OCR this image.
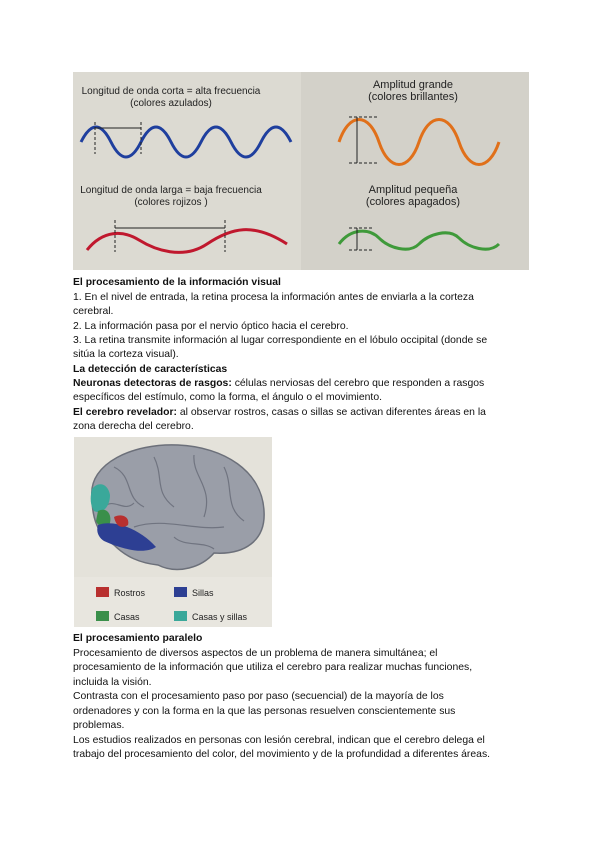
Longitud de onda corta = alta frecuencia
(colores azulados)
Longitud de onda larga = baja frecuencia
(colores rojizos )
Amplitud grande
(colores brillantes)
Amplitud pequeña
(colores apagados)

El procesamiento de la información visual

1. En el nivel de entrada, la retina procesa la información antes de enviarla a la corteza

cerebral.

2. La información pasa por el nervio óptico hacia el cerebro.

3. La retina transmite información al lugar correspondiente en el lóbulo occipital (donde se

sitúa la corteza visual).

La detección de características

Neuronas detectoras de rasgos: células nerviosas del cerebro que responden a rasgos

específicos del estímulo, como la forma, el ángulo o el movimiento.

El cerebro revelador: al observar rostros, casas o sillas se activan diferentes áreas en la

zona derecha del cerebro.

Rostros	Sillas
Casas	Casas y sillas

El procesamiento paralelo

Procesamiento de diversos aspectos de un problema de manera simultánea; el

procesamiento de la información que utiliza el cerebro para realizar muchas funciones,

incluida la visión.

Contrasta con el procesamiento paso por paso (secuencial) de la mayoría de los

ordenadores y con la forma en la que las personas resuelven conscientemente sus

problemas.

Los estudios realizados en personas con lesión cerebral, indican que el cerebro delega el

trabajo del procesamiento del color, del movimiento y de la profundidad a diferentes áreas.
